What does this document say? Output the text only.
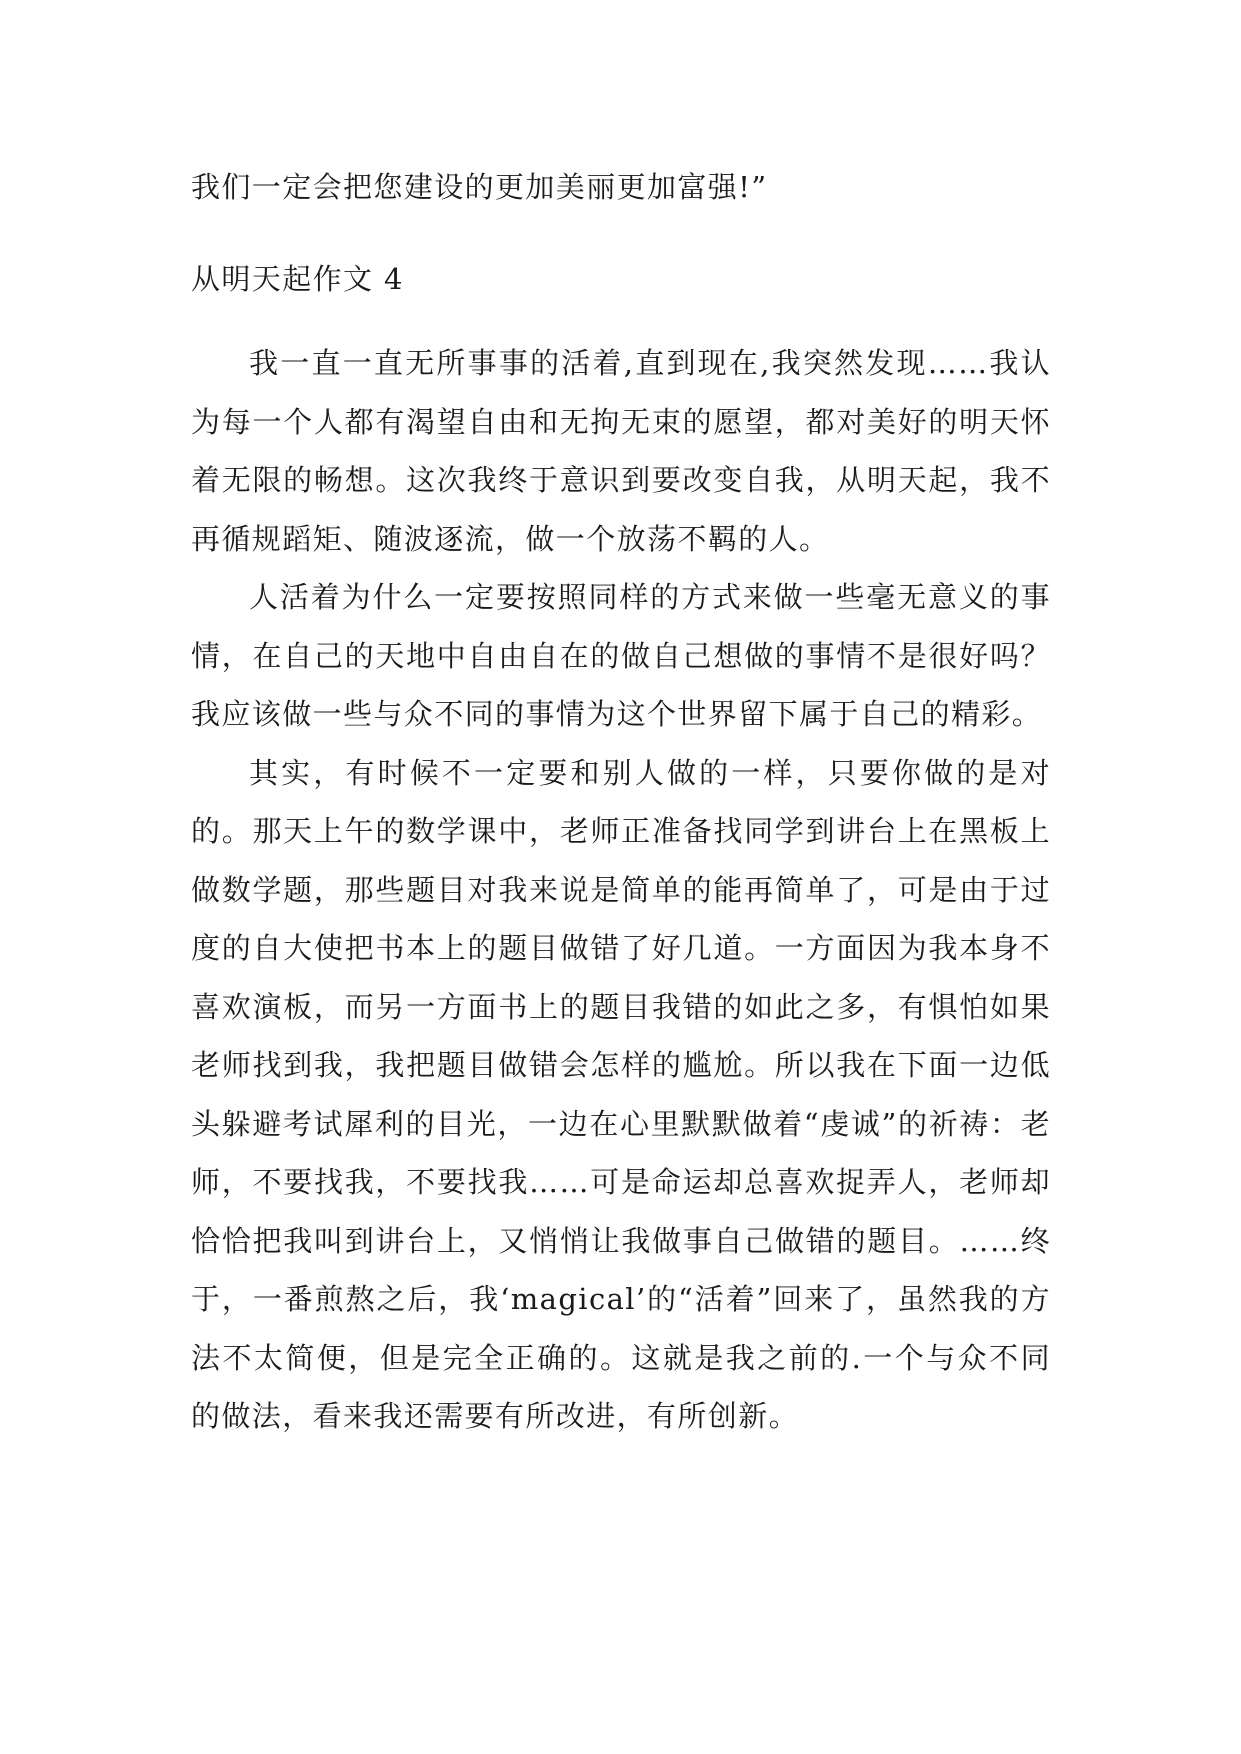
我们一定会把您建设的更加美丽更加富强!”
从明天起作文 4

我一直一直无所事事的活着,直到现在,我突然发现……我认为每一个人都有渴望自由和无拘无束的愿望，都对美好的明天怀着无限的畅想。这次我终于意识到要改变自我，从明天起，我不再循规蹈矩、随波逐流，做一个放荡不羁的人。

人活着为什么一定要按照同样的方式来做一些毫无意义的事情，在自己的天地中自由自在的做自己想做的事情不是很好吗？我应该做一些与众不同的事情为这个世界留下属于自己的精彩。

其实，有时候不一定要和别人做的一样，只要你做的是对的。那天上午的数学课中，老师正准备找同学到讲台上在黑板上做数学题，那些题目对我来说是简单的能再简单了，可是由于过度的自大使把书本上的题目做错了好几道。一方面因为我本身不喜欢演板，而另一方面书上的题目我错的如此之多，有惧怕如果老师找到我，我把题目做错会怎样的尴尬。所以我在下面一边低头躲避考试犀利的目光，一边在心里默默做着“虔诚”的祈祷：老师，不要找我，不要找我……可是命运却总喜欢捉弄人，老师却恰恰把我叫到讲台上，又悄悄让我做事自己做错的题目。……终于，一番煎熬之后，我‘magical’的“活着”回来了，虽然我的方法不太简便，但是完全正确的。这就是我之前的.一个与众不同的做法，看来我还需要有所改进，有所创新。
